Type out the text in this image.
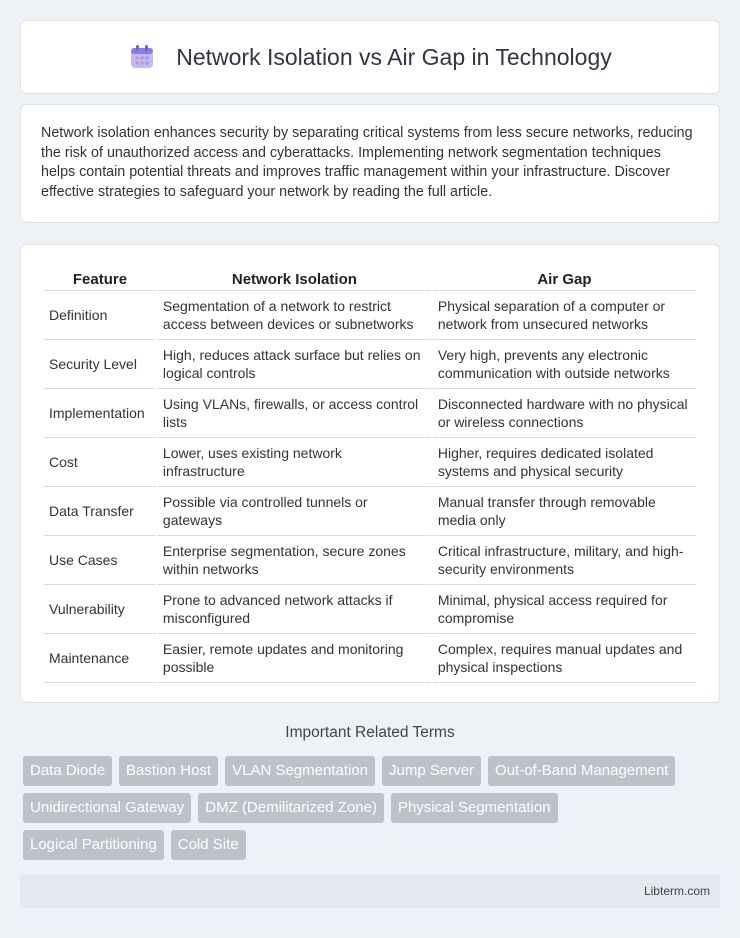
Network Isolation vs Air Gap in Technology

Network isolation enhances security by separating critical systems from less secure networks, reducing the risk of unauthorized access and cyberattacks. Implementing network segmentation techniques helps contain potential threats and improves traffic management within your infrastructure. Discover effective strategies to safeguard your network by reading the full article.

Feature	Network Isolation	Air Gap
Definition	Segmentation of a network to restrict access between devices or subnetworks	Physical separation of a computer or network from unsecured networks
Security Level	High, reduces attack surface but relies on logical controls	Very high, prevents any electronic communication with outside networks
Implementation	Using VLANs, firewalls, or access control lists	Disconnected hardware with no physical or wireless connections
Cost	Lower, uses existing network infrastructure	Higher, requires dedicated isolated systems and physical security
Data Transfer	Possible via controlled tunnels or gateways	Manual transfer through removable media only
Use Cases	Enterprise segmentation, secure zones within networks	Critical infrastructure, military, and high-security environments
Vulnerability	Prone to advanced network attacks if misconfigured	Minimal, physical access required for compromise
Maintenance	Easier, remote updates and monitoring possible	Complex, requires manual updates and physical inspections
Important Related Terms
Data Diode	Bastion Host	VLAN Segmentation	Jump Server	Out-of-Band Management
Unidirectional Gateway	DMZ (Demilitarized Zone)	Physical Segmentation
Logical Partitioning	Cold Site
Libterm.com
